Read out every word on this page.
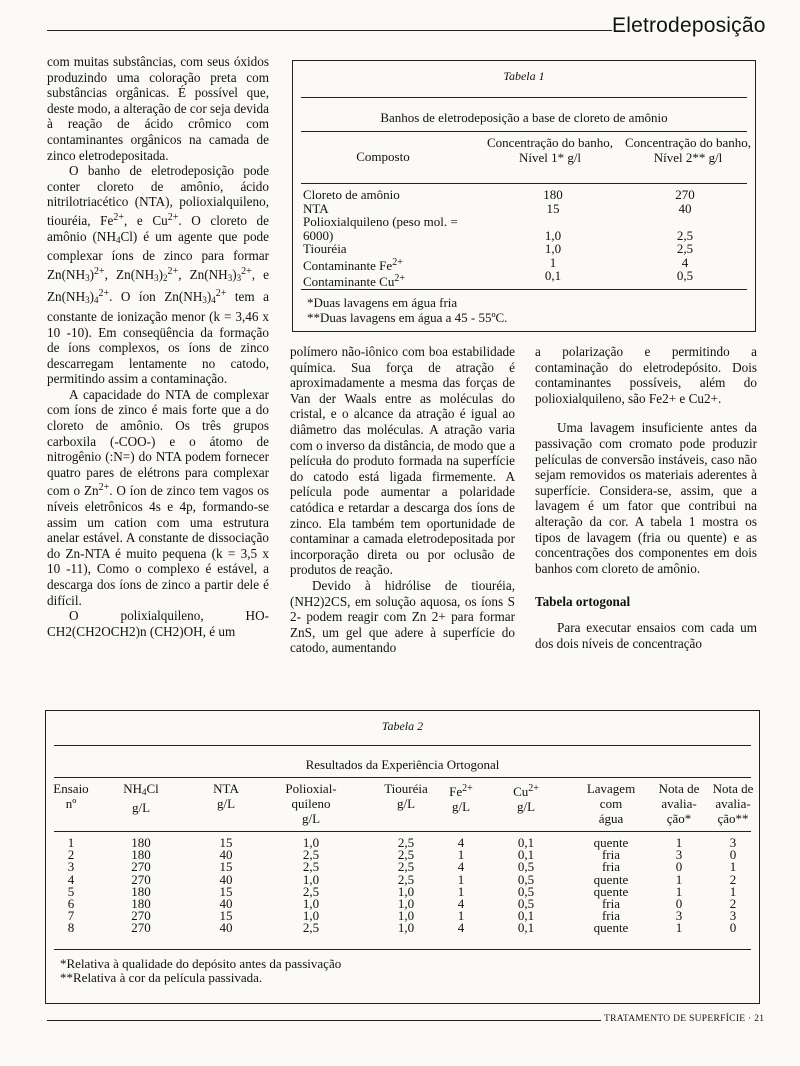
Eletrodeposição

com muitas substâncias, com seus óxidos produzindo uma coloração preta com substâncias orgânicas. É possível que, deste modo, a alteração de cor seja devida à reação de ácido crômico com contaminantes orgânicos na camada de zinco eletrodepositada.

O banho de eletrodeposição pode conter cloreto de amônio, ácido nitrilotriacético (NTA), polioxialquileno, tiouréia, $Fe^{2+}$, e $Cu^{2+}$. O cloreto de amônio $(NH_4Cl)$ é um agente que pode complexar íons de zinco para formar $Zn(NH_3)^{2+}$, $Zn(NH_3)_2^{2+}$, $Zn(NH_3)_3^{2+}$, e $Zn(NH_3)_4^{2+}$. O íon $Zn(NH_3)_4^{2+}$ tem a constante de ionização menor (k = 3,46 x 10 -10). Em conseqüência da formação de íons complexos, os íons de zinco descarregam lentamente no catodo, permitindo assim a contaminação.

A capacidade do NTA de complexar com íons de zinco é mais forte que a do cloreto de amônio. Os três grupos carboxila (-COO-) e o átomo de nitrogênio (:N=) do NTA podem fornecer quatro pares de elétrons para complexar com o $Zn^{2+}$. O íon de zinco tem vagos os níveis eletrônicos 4s e 4p, formando-se assim um cation com uma estrutura anelar estável. A constante de dissociação do Zn-NTA é muito pequena (k = 3,5 x 10 -11), Como o complexo é estável, a descarga dos íons de zinco a partir dele é difícil.

O polixialquileno, HO-CH2(CH2OCH2)n (CH2)OH, é um

Tabela 1
Banhos de eletrodeposição a base de cloreto de amônio
Composto
Concentração do banho, Nível 1* g/l
Concentração do banho, Nível 2** g/l
Cloreto de amônio
NTA
Polioxialquileno (peso mol. = 6000)
Tiouréia
Contaminante $Fe^{2+}$
Contaminante $Cu^{2+}$
180
15

1,0
1,0
1
0,1
270
40

2,5
2,5
4
0,5
*Duas lavagens em água fria
**Duas lavagens em água a 45 - 55ºC.

polímero não-iônico com boa estabilidade química. Sua força de atração é aproximadamente a mesma das forças de Van der Waals entre as moléculas do cristal, e o alcance da atração é igual ao diâmetro das moléculas. A atração varia com o inverso da distância, de modo que a pelícuła do produto formada na superfície do catodo está ligada firmemente. A película pode aumentar a polaridade catódica e retardar a descarga dos íons de zinco. Ela também tem oportunidade de contaminar a camada eletrodepositada por incorporação direta ou por oclusão de produtos de reação.

Devido à hidrólise de tiouréia, (NH2)2CS, em solução aquosa, os íons S 2- podem reagir com Zn 2+ para formar ZnS, um gel que adere à superfície do catodo, aumentando

a polarização e permitindo a contaminação do eletrodepósito. Dois contaminantes possíveis, além do polioxialquileno, são Fe2+ e Cu2+.

Uma lavagem insuficiente antes da passivação com cromato pode produzir películas de conversão instáveis, caso não sejam removidos os materiais aderentes à superfície. Considera-se, assim, que a lavagem é um fator que contribui na alteração da cor. A tabela 1 mostra os tipos de lavagem (fria ou quente) e as concentrações dos componentes em dois banhos com cloreto de amônio.

Tabela ortogonal

Para executar ensaios com cada um dos dois níveis de concentração

Tabela 2
Resultados da Experiência Ortogonal
Ensaio
nº
$NH_4Cl$
g/L
NTA
g/L
Polioxial-
quileno
g/L
Tiouréia
g/L
$Fe^{2+}$
g/L
$Cu^{2+}$
g/L
Lavagem
com
água
Nota de
avalia-
ção*
Nota de
avalia-
ção**
1
2
3
4
5
6
7
8
180
180
270
270
180
180
270
270
15
40
15
40
15
40
15
40
1,0
2,5
2,5
1,0
2,5
1,0
1,0
2,5
2,5
2,5
2,5
2,5
1,0
1,0
1,0
1,0
4
1
4
1
1
4
1
4
0,1
0,1
0,5
0,5
0,5
0,5
0,1
0,1
quente
fria
fria
quente
quente
fria
fria
quente
1
3
0
1
1
0
3
1
3
0
1
2
1
2
3
0
*Relativa à qualidade do depósito antes da passivação
**Relativa à cor da película passivada.
TRATAMENTO DE SUPERFÍCIE · 21
